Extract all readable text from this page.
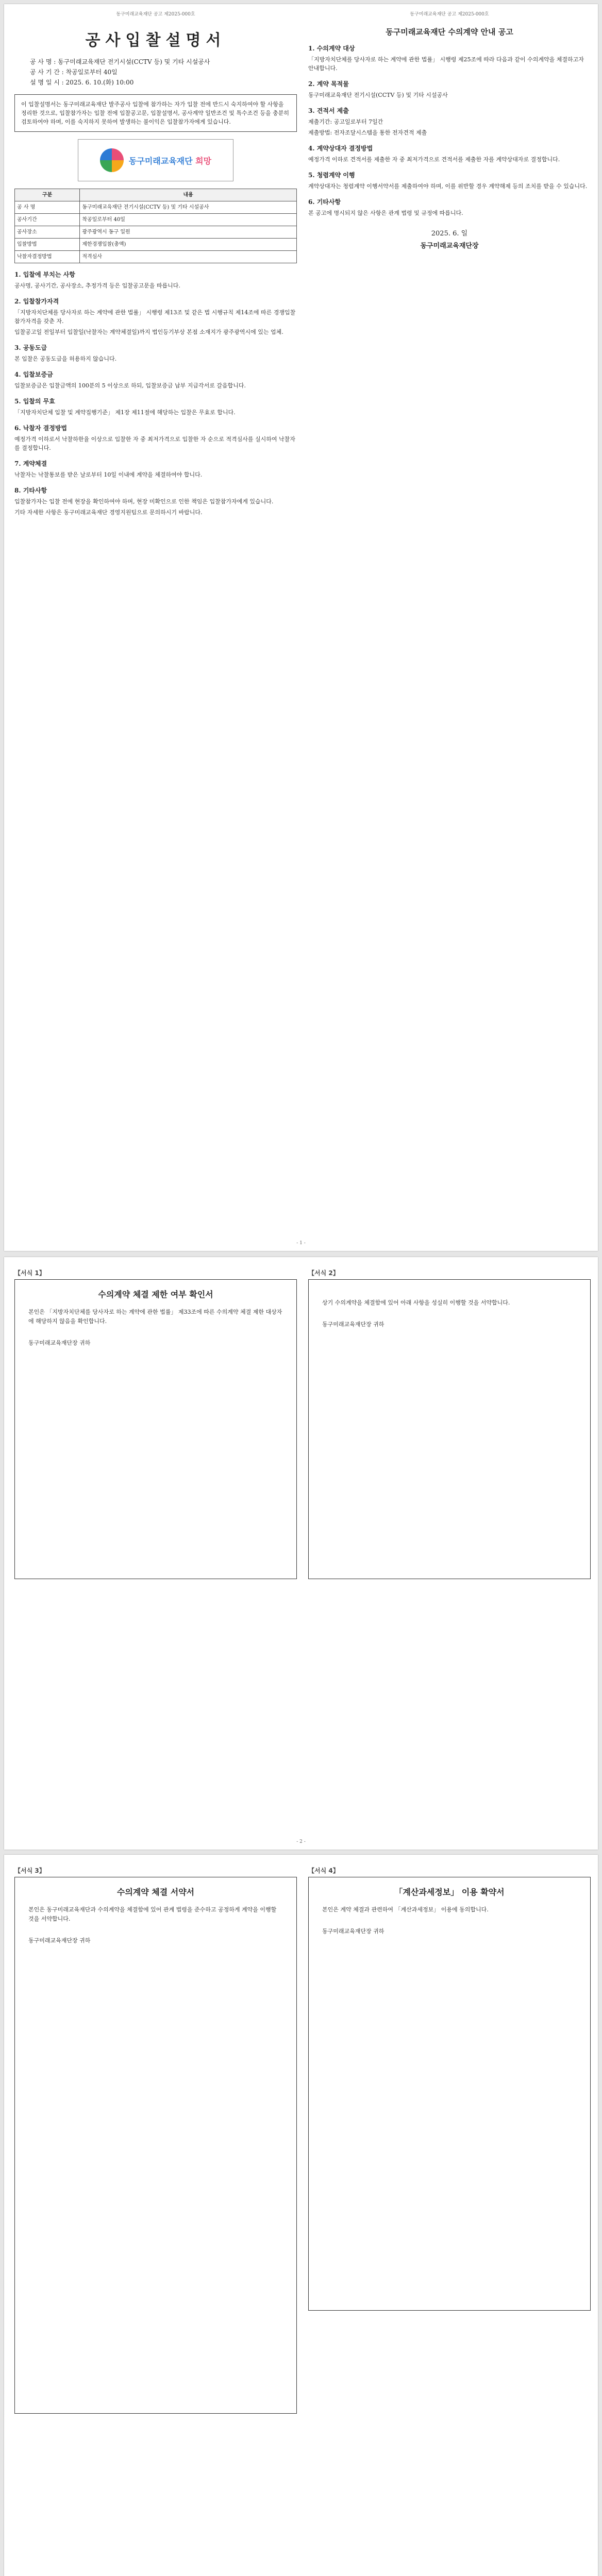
동구미래교육재단 공고 제2025-000호
공사입찰설명서
공 사 명 : 동구미래교육재단 전기시설(CCTV 등) 및 기타 시설공사
공 사 기 간 : 착공일로부터 40일
설 명 일 시 : 2025. 6. 10.(화) 10:00
이 입찰설명서는 동구미래교육재단 발주공사 입찰에 참가하는 자가 입찰 전에 반드시 숙지하여야 할 사항을 정리한 것으로, 입찰참가자는 입찰 전에 입찰공고문, 입찰설명서, 공사계약 일반조건 및 특수조건 등을 충분히 검토하여야 하며, 이를 숙지하지 못하여 발생하는 불이익은 입찰참가자에게 있습니다.
동구미래교육재단 희망
구분	내용
공 사 명	동구미래교육재단 전기시설(CCTV 등) 및 기타 시설공사
공사기간	착공일로부터 40일
공사장소	광주광역시 동구 일원
입찰방법	제한경쟁입찰(총액)
낙찰자결정방법	적격심사
1. 입찰에 부치는 사항

공사명, 공사기간, 공사장소, 추정가격 등은 입찰공고문을 따릅니다.

2. 입찰참가자격

「지방자치단체를 당사자로 하는 계약에 관한 법률」 시행령 제13조 및 같은 법 시행규칙 제14조에 따른 경쟁입찰 참가자격을 갖춘 자.

입찰공고일 전일부터 입찰일(낙찰자는 계약체결일)까지 법인등기부상 본점 소재지가 광주광역시에 있는 업체.

3. 공동도급

본 입찰은 공동도급을 허용하지 않습니다.

4. 입찰보증금

입찰보증금은 입찰금액의 100분의 5 이상으로 하되, 입찰보증금 납부 지급각서로 갈음합니다.

5. 입찰의 무효

「지방자치단체 입찰 및 계약집행기준」 제1장 제11절에 해당하는 입찰은 무효로 합니다.

6. 낙찰자 결정방법

예정가격 이하로서 낙찰하한율 이상으로 입찰한 자 중 최저가격으로 입찰한 자 순으로 적격심사를 실시하여 낙찰자를 결정합니다.

7. 계약체결

낙찰자는 낙찰통보를 받은 날로부터 10일 이내에 계약을 체결하여야 합니다.

8. 기타사항

입찰참가자는 입찰 전에 현장을 확인하여야 하며, 현장 미확인으로 인한 책임은 입찰참가자에게 있습니다.

기타 자세한 사항은 동구미래교육재단 경영지원팀으로 문의하시기 바랍니다.

동구미래교육재단 공고 제2025-000호
동구미래교육재단 수의계약 안내 공고
1. 수의계약 대상

「지방자치단체를 당사자로 하는 계약에 관한 법률」 시행령 제25조에 따라 다음과 같이 수의계약을 체결하고자 안내합니다.

2. 계약 목적물

동구미래교육재단 전기시설(CCTV 등) 및 기타 시설공사

3. 견적서 제출

제출기간: 공고일로부터 7일간

제출방법: 전자조달시스템을 통한 전자견적 제출

4. 계약상대자 결정방법

예정가격 이하로 견적서를 제출한 자 중 최저가격으로 견적서를 제출한 자를 계약상대자로 결정합니다.

5. 청렴계약 이행

계약상대자는 청렴계약 이행서약서를 제출하여야 하며, 이를 위반할 경우 계약해제 등의 조치를 받을 수 있습니다.

6. 기타사항

본 공고에 명시되지 않은 사항은 관계 법령 및 규정에 따릅니다.

2025. 6. 일
동구미래교육재단장
- 1 -
【서식 1】
수의계약 체결 제한 여부 확인서
본인은 「지방자치단체를 당사자로 하는 계약에 관한 법률」 제33조에 따른 수의계약 체결 제한 대상자에 해당하지 않음을 확인합니다.
동구미래교육재단장 귀하
【서식 2】
상기 수의계약을 체결함에 있어 아래 사항을 성실히 이행할 것을 서약합니다.
동구미래교육재단장 귀하
- 2 -
【서식 3】
수의계약 체결 서약서
본인은 동구미래교육재단과 수의계약을 체결함에 있어 관계 법령을 준수하고 공정하게 계약을 이행할 것을 서약합니다.
동구미래교육재단장 귀하
【서식 4】
「계산과세정보」 이용 확약서
본인은 계약 체결과 관련하여 「계산과세정보」 이용에 동의합니다.
동구미래교육재단장 귀하
